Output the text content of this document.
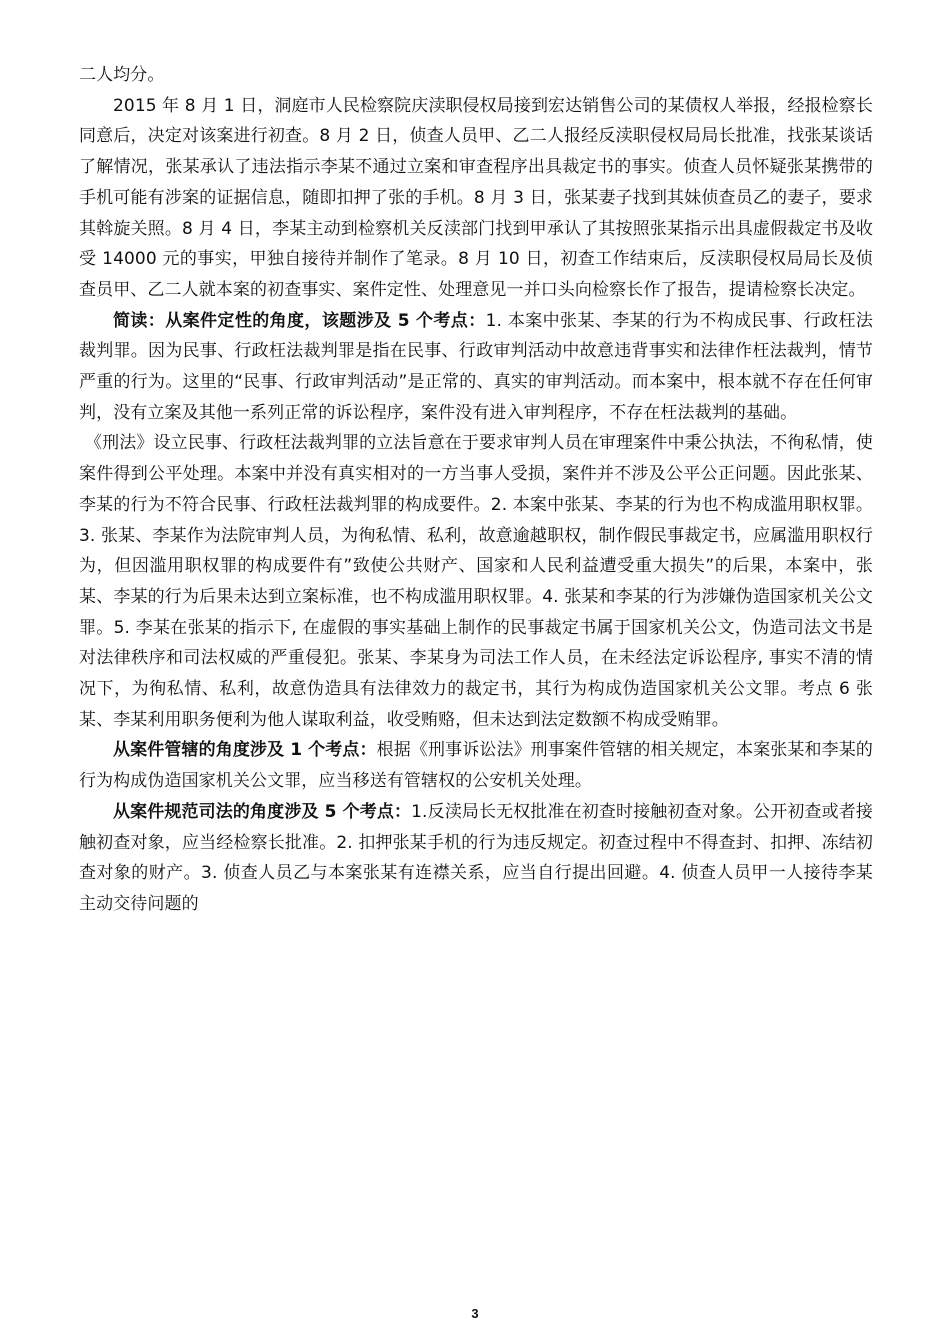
二人均分。

2015 年 8 月 1 日，洞庭市人民检察院庆渎职侵权局接到宏达销售公司的某债权人举报，经报检察长同意后，决定对该案进行初查。8 月 2 日，侦查人员甲、乙二人报经反渎职侵权局局长批准，找张某谈话了解情况，张某承认了违法指示李某不通过立案和审查程序出具裁定书的事实。侦查人员怀疑张某携带的手机可能有涉案的证据信息，随即扣押了张的手机。8 月 3 日，张某妻子找到其妹侦查员乙的妻子，要求其斡旋关照。8 月 4 日，李某主动到检察机关反渎部门找到甲承认了其按照张某指示出具虚假裁定书及收受 14000 元的事实，甲独自接待并制作了笔录。8 月 10 日，初查工作结束后，反渎职侵权局局长及侦查员甲、乙二人就本案的初查事实、案件定性、处理意见一并口头向检察长作了报告，提请检察长决定。

简读：从案件定性的角度，该题涉及 5 个考点：1. 本案中张某、李某的行为不构成民事、行政枉法裁判罪。因为民事、行政枉法裁判罪是指在民事、行政审判活动中故意违背事实和法律作枉法裁判，情节严重的行为。这里的“民事、行政审判活动”是正常的、真实的审判活动。而本案中，根本就不存在任何审判，没有立案及其他一系列正常的诉讼程序，案件没有进入审判程序，不存在枉法裁判的基础。

《刑法》设立民事、行政枉法裁判罪的立法旨意在于要求审判人员在审理案件中秉公执法，不徇私情，使案件得到公平处理。本案中并没有真实相对的一方当事人受损，案件并不涉及公平公正问题。因此张某、李某的行为不符合民事、行政枉法裁判罪的构成要件。2. 本案中张某、李某的行为也不构成滥用职权罪。3. 张某、李某作为法院审判人员，为徇私情、私利，故意逾越职权，制作假民事裁定书，应属滥用职权行为，但因滥用职权罪的构成要件有”致使公共财产、国家和人民利益遭受重大损失”的后果，本案中，张某、李某的行为后果未达到立案标准，也不构成滥用职权罪。4. 张某和李某的行为涉嫌伪造国家机关公文罪。5. 李某在张某的指示下, 在虚假的事实基础上制作的民事裁定书属于国家机关公文，伪造司法文书是对法律秩序和司法权威的严重侵犯。张某、李某身为司法工作人员，在未经法定诉讼程序, 事实不清的情况下，为徇私情、私利，故意伪造具有法律效力的裁定书，其行为构成伪造国家机关公文罪。考点 6 张某、李某利用职务便利为他人谋取利益，收受贿赂，但未达到法定数额不构成受贿罪。

从案件管辖的角度涉及 1 个考点：根据《刑事诉讼法》刑事案件管辖的相关规定，本案张某和李某的行为构成伪造国家机关公文罪，应当移送有管辖权的公安机关处理。

从案件规范司法的角度涉及 5 个考点：1.反渎局长无权批准在初查时接触初查对象。公开初查或者接触初查对象，应当经检察长批准。2. 扣押张某手机的行为违反规定。初查过程中不得查封、扣押、冻结初查对象的财产。3. 侦查人员乙与本案张某有连襟关系，应当自行提出回避。4. 侦查人员甲一人接待李某主动交待问题的

3
